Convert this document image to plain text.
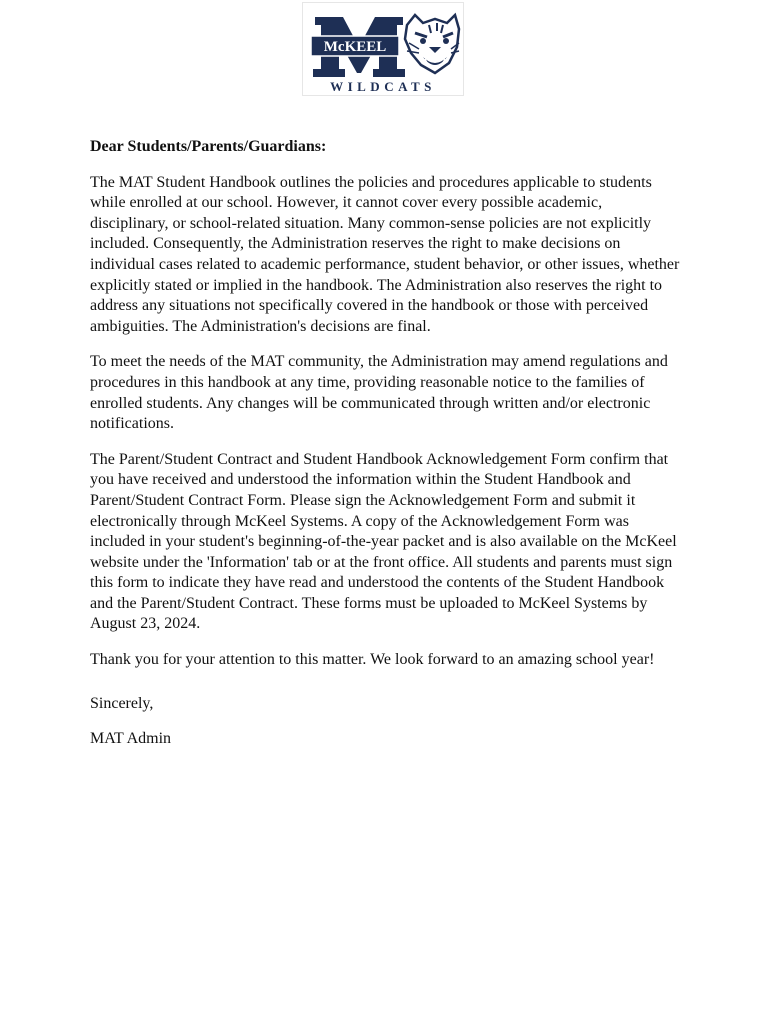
McKEEL
WILDCATS
Dear Students/Parents/Guardians:

The MAT Student Handbook outlines the policies and procedures applicable to students while enrolled at our school. However, it cannot cover every possible academic, disciplinary, or school-related situation. Many common-sense policies are not explicitly included. Consequently, the Administration reserves the right to make decisions on individual cases related to academic performance, student behavior, or other issues, whether explicitly stated or implied in the handbook. The Administration also reserves the right to address any situations not specifically covered in the handbook or those with perceived ambiguities. The Administration's decisions are final.

To meet the needs of the MAT community, the Administration may amend regulations and procedures in this handbook at any time, providing reasonable notice to the families of enrolled students. Any changes will be communicated through written and/or electronic notifications.

The Parent/Student Contract and Student Handbook Acknowledgement Form confirm that you have received and understood the information within the Student Handbook and Parent/Student Contract Form. Please sign the Acknowledgement Form and submit it electronically through McKeel Systems. A copy of the Acknowledgement Form was included in your student's beginning-of-the-year packet and is also available on the McKeel website under the 'Information' tab or at the front office. All students and parents must sign this form to indicate they have read and understood the contents of the Student Handbook and the Parent/Student Contract. These forms must be uploaded to McKeel Systems by August 23, 2024.

Thank you for your attention to this matter. We look forward to an amazing school year!

Sincerely,

MAT Admin
